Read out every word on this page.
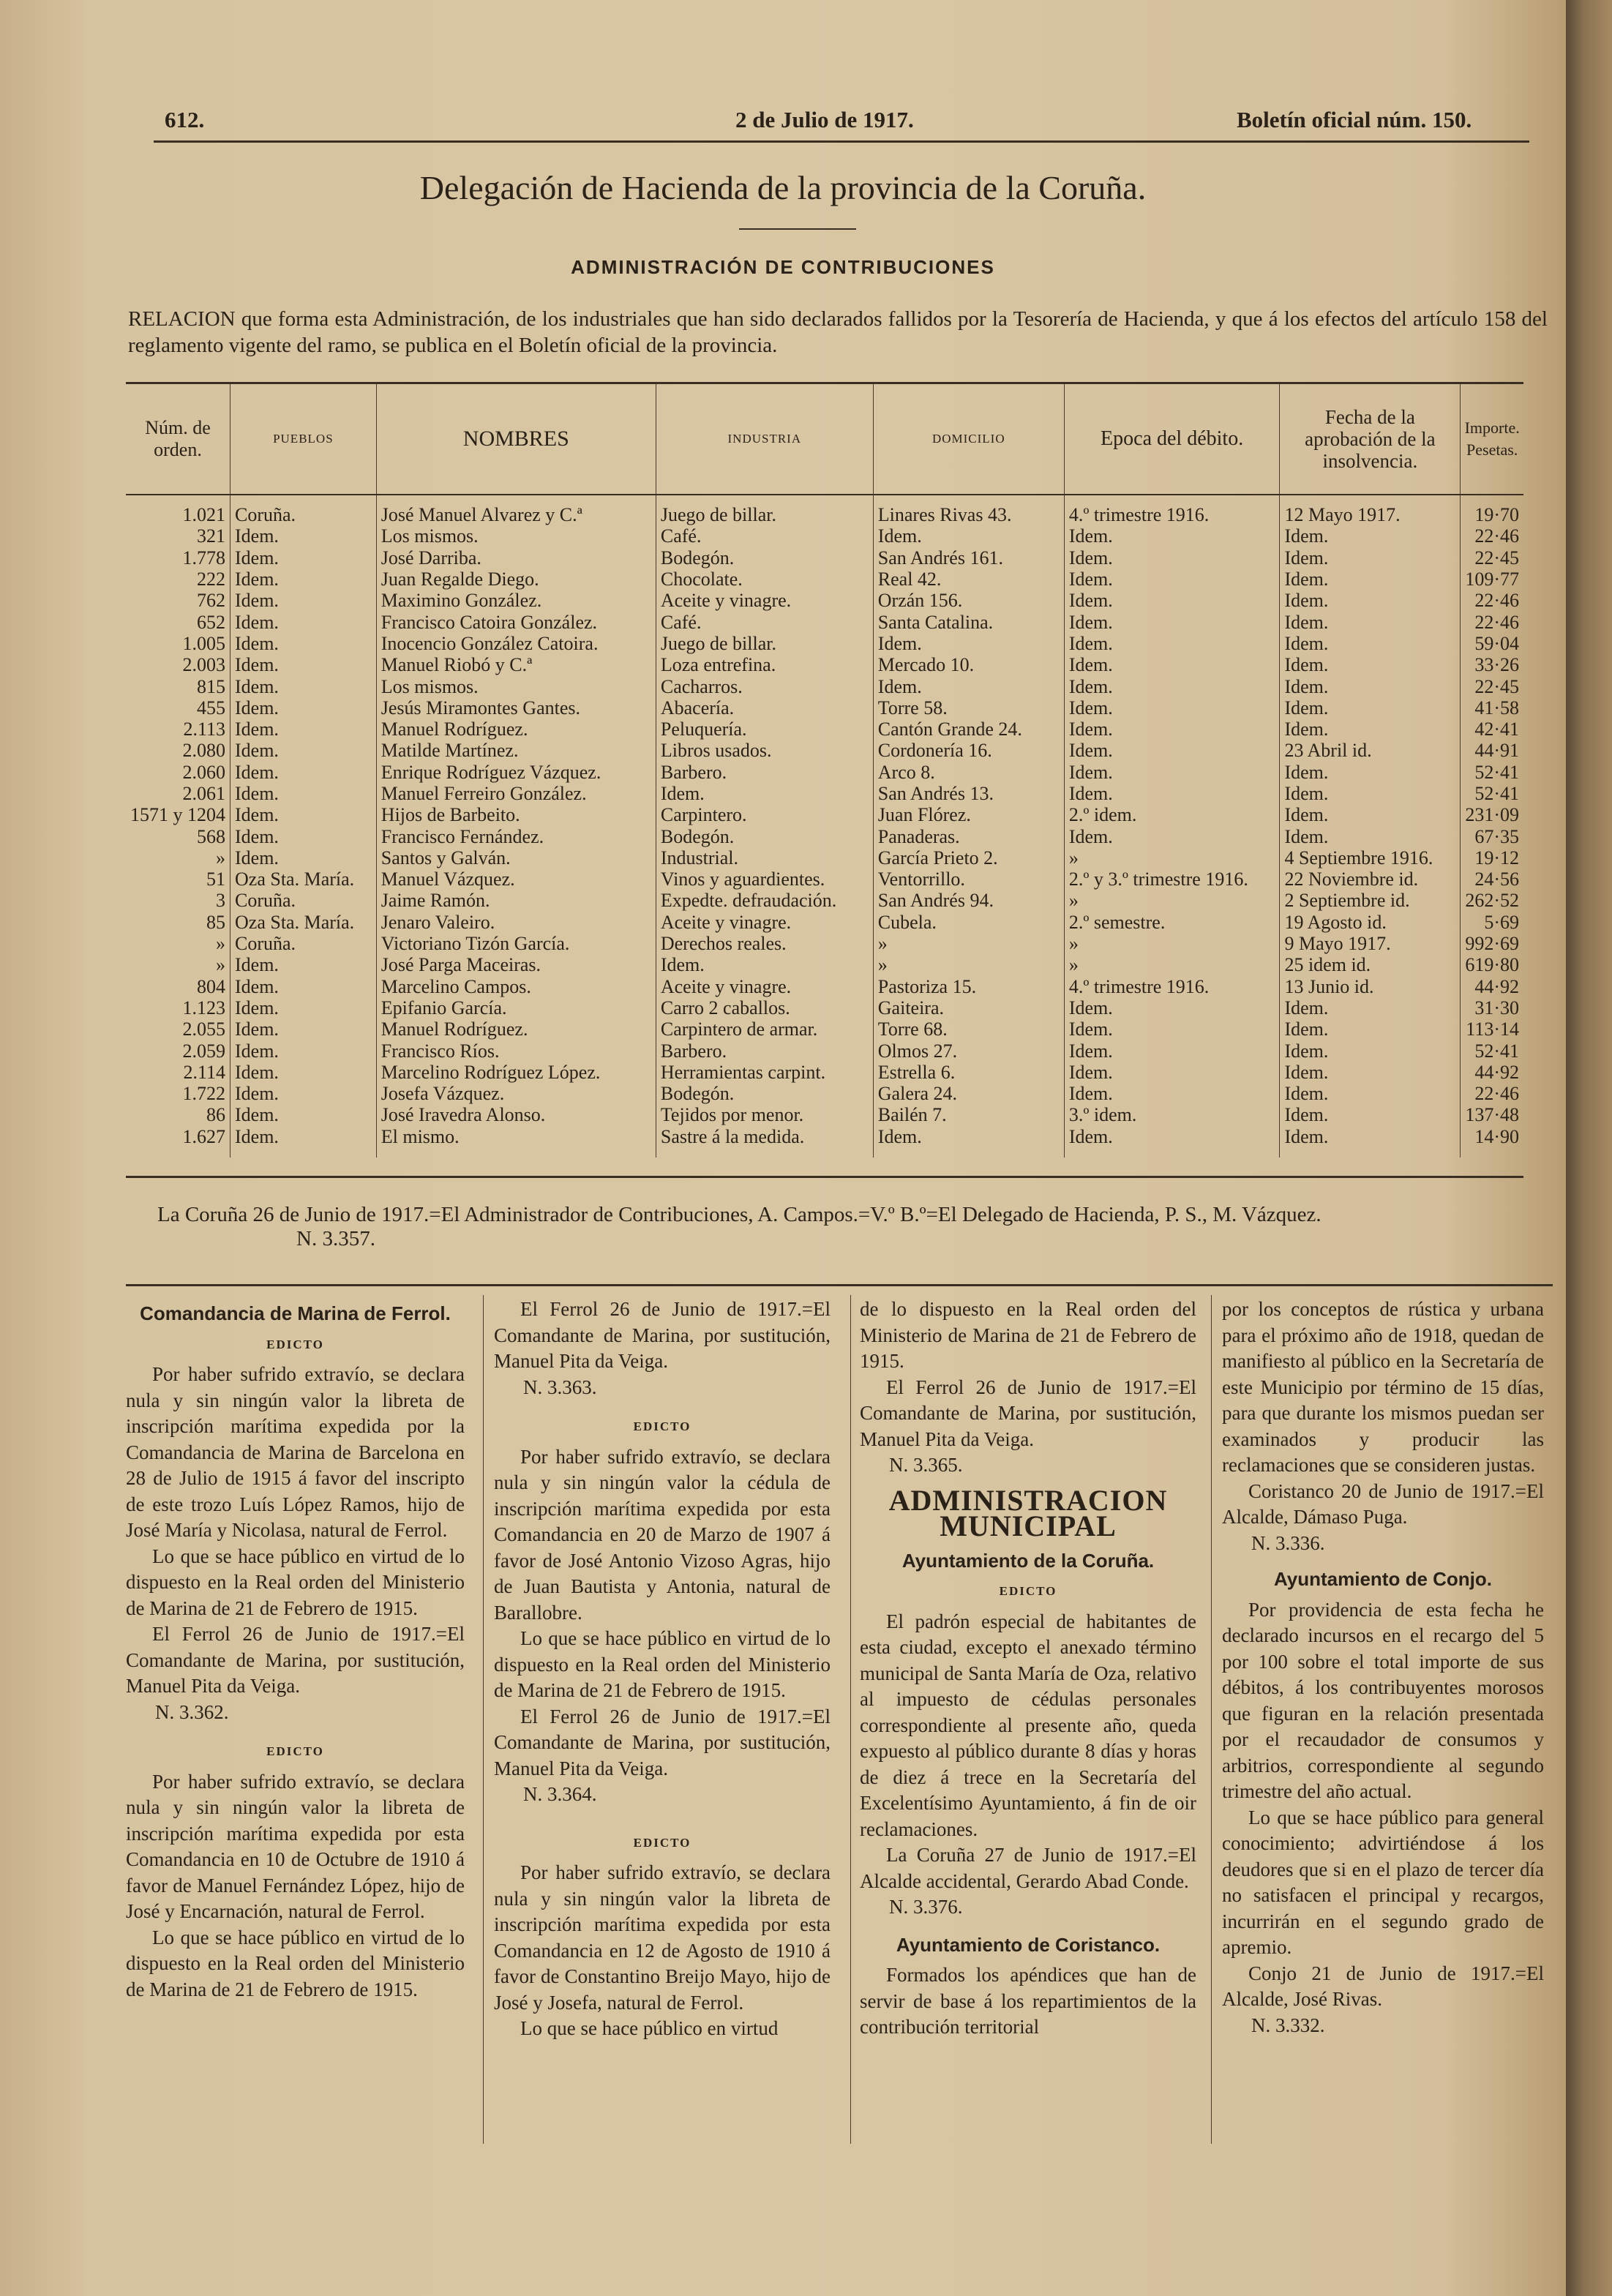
612.	2 de Julio de 1917.	Boletín oficial núm. 150.
Delegación de Hacienda de la provincia de la Coruña.
ADMINISTRACIÓN DE CONTRIBUCIONES
RELACION que forma esta Administración, de los industriales que han sido declarados fallidos por la Tesorería de Hacienda, y que á los efectos del artículo 158 del reglamento vigente del ramo, se publica en el Boletín oficial de la provincia.
Núm. de orden.	PUEBLOS	NOMBRES	INDUSTRIA	DOMICILIO	Epoca del débito.	Fecha de la aprobación de la insolvencia.	Importe. Pesetas.
1.021	Coruña.	José Manuel Alvarez y C.ª	Juego de billar.	Linares Rivas 43.	4.º trimestre 1916.	12 Mayo 1917.	19·70
321	Idem.	Los mismos.	Café.	Idem.	Idem.	Idem.	22·46
1.778	Idem.	José Darriba.	Bodegón.	San Andrés 161.	Idem.	Idem.	22·45
222	Idem.	Juan Regalde Diego.	Chocolate.	Real 42.	Idem.	Idem.	109·77
762	Idem.	Maximino González.	Aceite y vinagre.	Orzán 156.	Idem.	Idem.	22·46
652	Idem.	Francisco Catoira González.	Café.	Santa Catalina.	Idem.	Idem.	22·46
1.005	Idem.	Inocencio González Catoira.	Juego de billar.	Idem.	Idem.	Idem.	59·04
2.003	Idem.	Manuel Riobó y C.ª	Loza entrefina.	Mercado 10.	Idem.	Idem.	33·26
815	Idem.	Los mismos.	Cacharros.	Idem.	Idem.	Idem.	22·45
455	Idem.	Jesús Miramontes Gantes.	Abacería.	Torre 58.	Idem.	Idem.	41·58
2.113	Idem.	Manuel Rodríguez.	Peluquería.	Cantón Grande 24.	Idem.	Idem.	42·41
2.080	Idem.	Matilde Martínez.	Libros usados.	Cordonería 16.	Idem.	23 Abril id.	44·91
2.060	Idem.	Enrique Rodríguez Vázquez.	Barbero.	Arco 8.	Idem.	Idem.	52·41
2.061	Idem.	Manuel Ferreiro González.	Idem.	San Andrés 13.	Idem.	Idem.	52·41
1571 y 1204	Idem.	Hijos de Barbeito.	Carpintero.	Juan Flórez.	2.º idem.	Idem.	231·09
568	Idem.	Francisco Fernández.	Bodegón.	Panaderas.	Idem.	Idem.	67·35
»	Idem.	Santos y Galván.	Industrial.	García Prieto 2.	»	4 Septiembre 1916.	19·12
51	Oza Sta. María.	Manuel Vázquez.	Vinos y aguardientes.	Ventorrillo.	2.º y 3.º trimestre 1916.	22 Noviembre id.	24·56
3	Coruña.	Jaime Ramón.	Expedte. defraudación.	San Andrés 94.	»	2 Septiembre id.	262·52
85	Oza Sta. María.	Jenaro Valeiro.	Aceite y vinagre.	Cubela.	2.º semestre.	19 Agosto id.	5·69
»	Coruña.	Victoriano Tizón García.	Derechos reales.	»	»	9 Mayo 1917.	992·69
»	Idem.	José Parga Maceiras.	Idem.	»	»	25 idem id.	619·80
804	Idem.	Marcelino Campos.	Aceite y vinagre.	Pastoriza 15.	4.º trimestre 1916.	13 Junio id.	44·92
1.123	Idem.	Epifanio García.	Carro 2 caballos.	Gaiteira.	Idem.	Idem.	31·30
2.055	Idem.	Manuel Rodríguez.	Carpintero de armar.	Torre 68.	Idem.	Idem.	113·14
2.059	Idem.	Francisco Ríos.	Barbero.	Olmos 27.	Idem.	Idem.	52·41
2.114	Idem.	Marcelino Rodríguez López.	Herramientas carpint.	Estrella 6.	Idem.	Idem.	44·92
1.722	Idem.	Josefa Vázquez.	Bodegón.	Galera 24.	Idem.	Idem.	22·46
86	Idem.	José Iravedra Alonso.	Tejidos por menor.	Bailén 7.	3.º idem.	Idem.	137·48
1.627	Idem.	El mismo.	Sastre á la medida.	Idem.	Idem.	Idem.	14·90
La Coruña 26 de Junio de 1917.=El Administrador de Contribuciones, A. Campos.=V.º B.º=El Delegado de Hacienda, P. S., M. Vázquez.
N. 3.357.

Comandancia de Marina de Ferrol.

EDICTO

Por haber sufrido extravío, se declara nula y sin ningún valor la libreta de inscripción marítima expedida por la Comandancia de Marina de Barcelona en 28 de Julio de 1915 á favor del inscripto de este trozo Luís López Ramos, hijo de José María y Nicolasa, natural de Ferrol.

Lo que se hace público en virtud de lo dispuesto en la Real orden del Ministerio de Marina de 21 de Febrero de 1915.

El Ferrol 26 de Junio de 1917.=El Comandante de Marina, por sustitución, Manuel Pita da Veiga.

N. 3.362.

EDICTO

Por haber sufrido extravío, se declara nula y sin ningún valor la libreta de inscripción marítima expedida por esta Comandancia en 10 de Octubre de 1910 á favor de Manuel Fernández López, hijo de José y Encarnación, natural de Ferrol.

Lo que se hace público en virtud de lo dispuesto en la Real orden del Ministerio de Marina de 21 de Febrero de 1915.

El Ferrol 26 de Junio de 1917.=El Comandante de Marina, por sustitución, Manuel Pita da Veiga.

N. 3.363.

EDICTO

Por haber sufrido extravío, se declara nula y sin ningún valor la cédula de inscripción marítima expedida por esta Comandancia en 20 de Marzo de 1907 á favor de José Antonio Vizoso Agras, hijo de Juan Bautista y Antonia, natural de Barallobre.

Lo que se hace público en virtud de lo dispuesto en la Real orden del Ministerio de Marina de 21 de Febrero de 1915.

El Ferrol 26 de Junio de 1917.=El Comandante de Marina, por sustitución, Manuel Pita da Veiga.

N. 3.364.

EDICTO

Por haber sufrido extravío, se declara nula y sin ningún valor la libreta de inscripción marítima expedida por esta Comandancia en 12 de Agosto de 1910 á favor de Constantino Breijo Mayo, hijo de José y Josefa, natural de Ferrol.

Lo que se hace público en virtud

de lo dispuesto en la Real orden del Ministerio de Marina de 21 de Febrero de 1915.

El Ferrol 26 de Junio de 1917.=El Comandante de Marina, por sustitución, Manuel Pita da Veiga.

N. 3.365.

ADMINISTRACION MUNICIPAL

Ayuntamiento de la Coruña.

EDICTO

El padrón especial de habitantes de esta ciudad, excepto el anexado término municipal de Santa María de Oza, relativo al impuesto de cédulas personales correspondiente al presente año, queda expuesto al público durante 8 días y horas de diez á trece en la Secretaría del Excelentísimo Ayuntamiento, á fin de oir reclamaciones.

La Coruña 27 de Junio de 1917.=El Alcalde accidental, Gerardo Abad Conde.

N. 3.376.

Ayuntamiento de Coristanco.

Formados los apéndices que han de servir de base á los repartimientos de la contribución territorial

por los conceptos de rústica y urbana para el próximo año de 1918, quedan de manifiesto al público en la Secretaría de este Municipio por término de 15 días, para que durante los mismos puedan ser examinados y producir las reclamaciones que se consideren justas.

Coristanco 20 de Junio de 1917.=El Alcalde, Dámaso Puga.

N. 3.336.

Ayuntamiento de Conjo.

Por providencia de esta fecha he declarado incursos en el recargo del 5 por 100 sobre el total importe de sus débitos, á los contribuyentes morosos que figuran en la relación presentada por el recaudador de consumos y arbitrios, correspondiente al segundo trimestre del año actual.

Lo que se hace público para general conocimiento; advirtiéndose á los deudores que si en el plazo de tercer día no satisfacen el principal y recargos, incurrirán en el segundo grado de apremio.

Conjo 21 de Junio de 1917.=El Alcalde, José Rivas.

N. 3.332.
